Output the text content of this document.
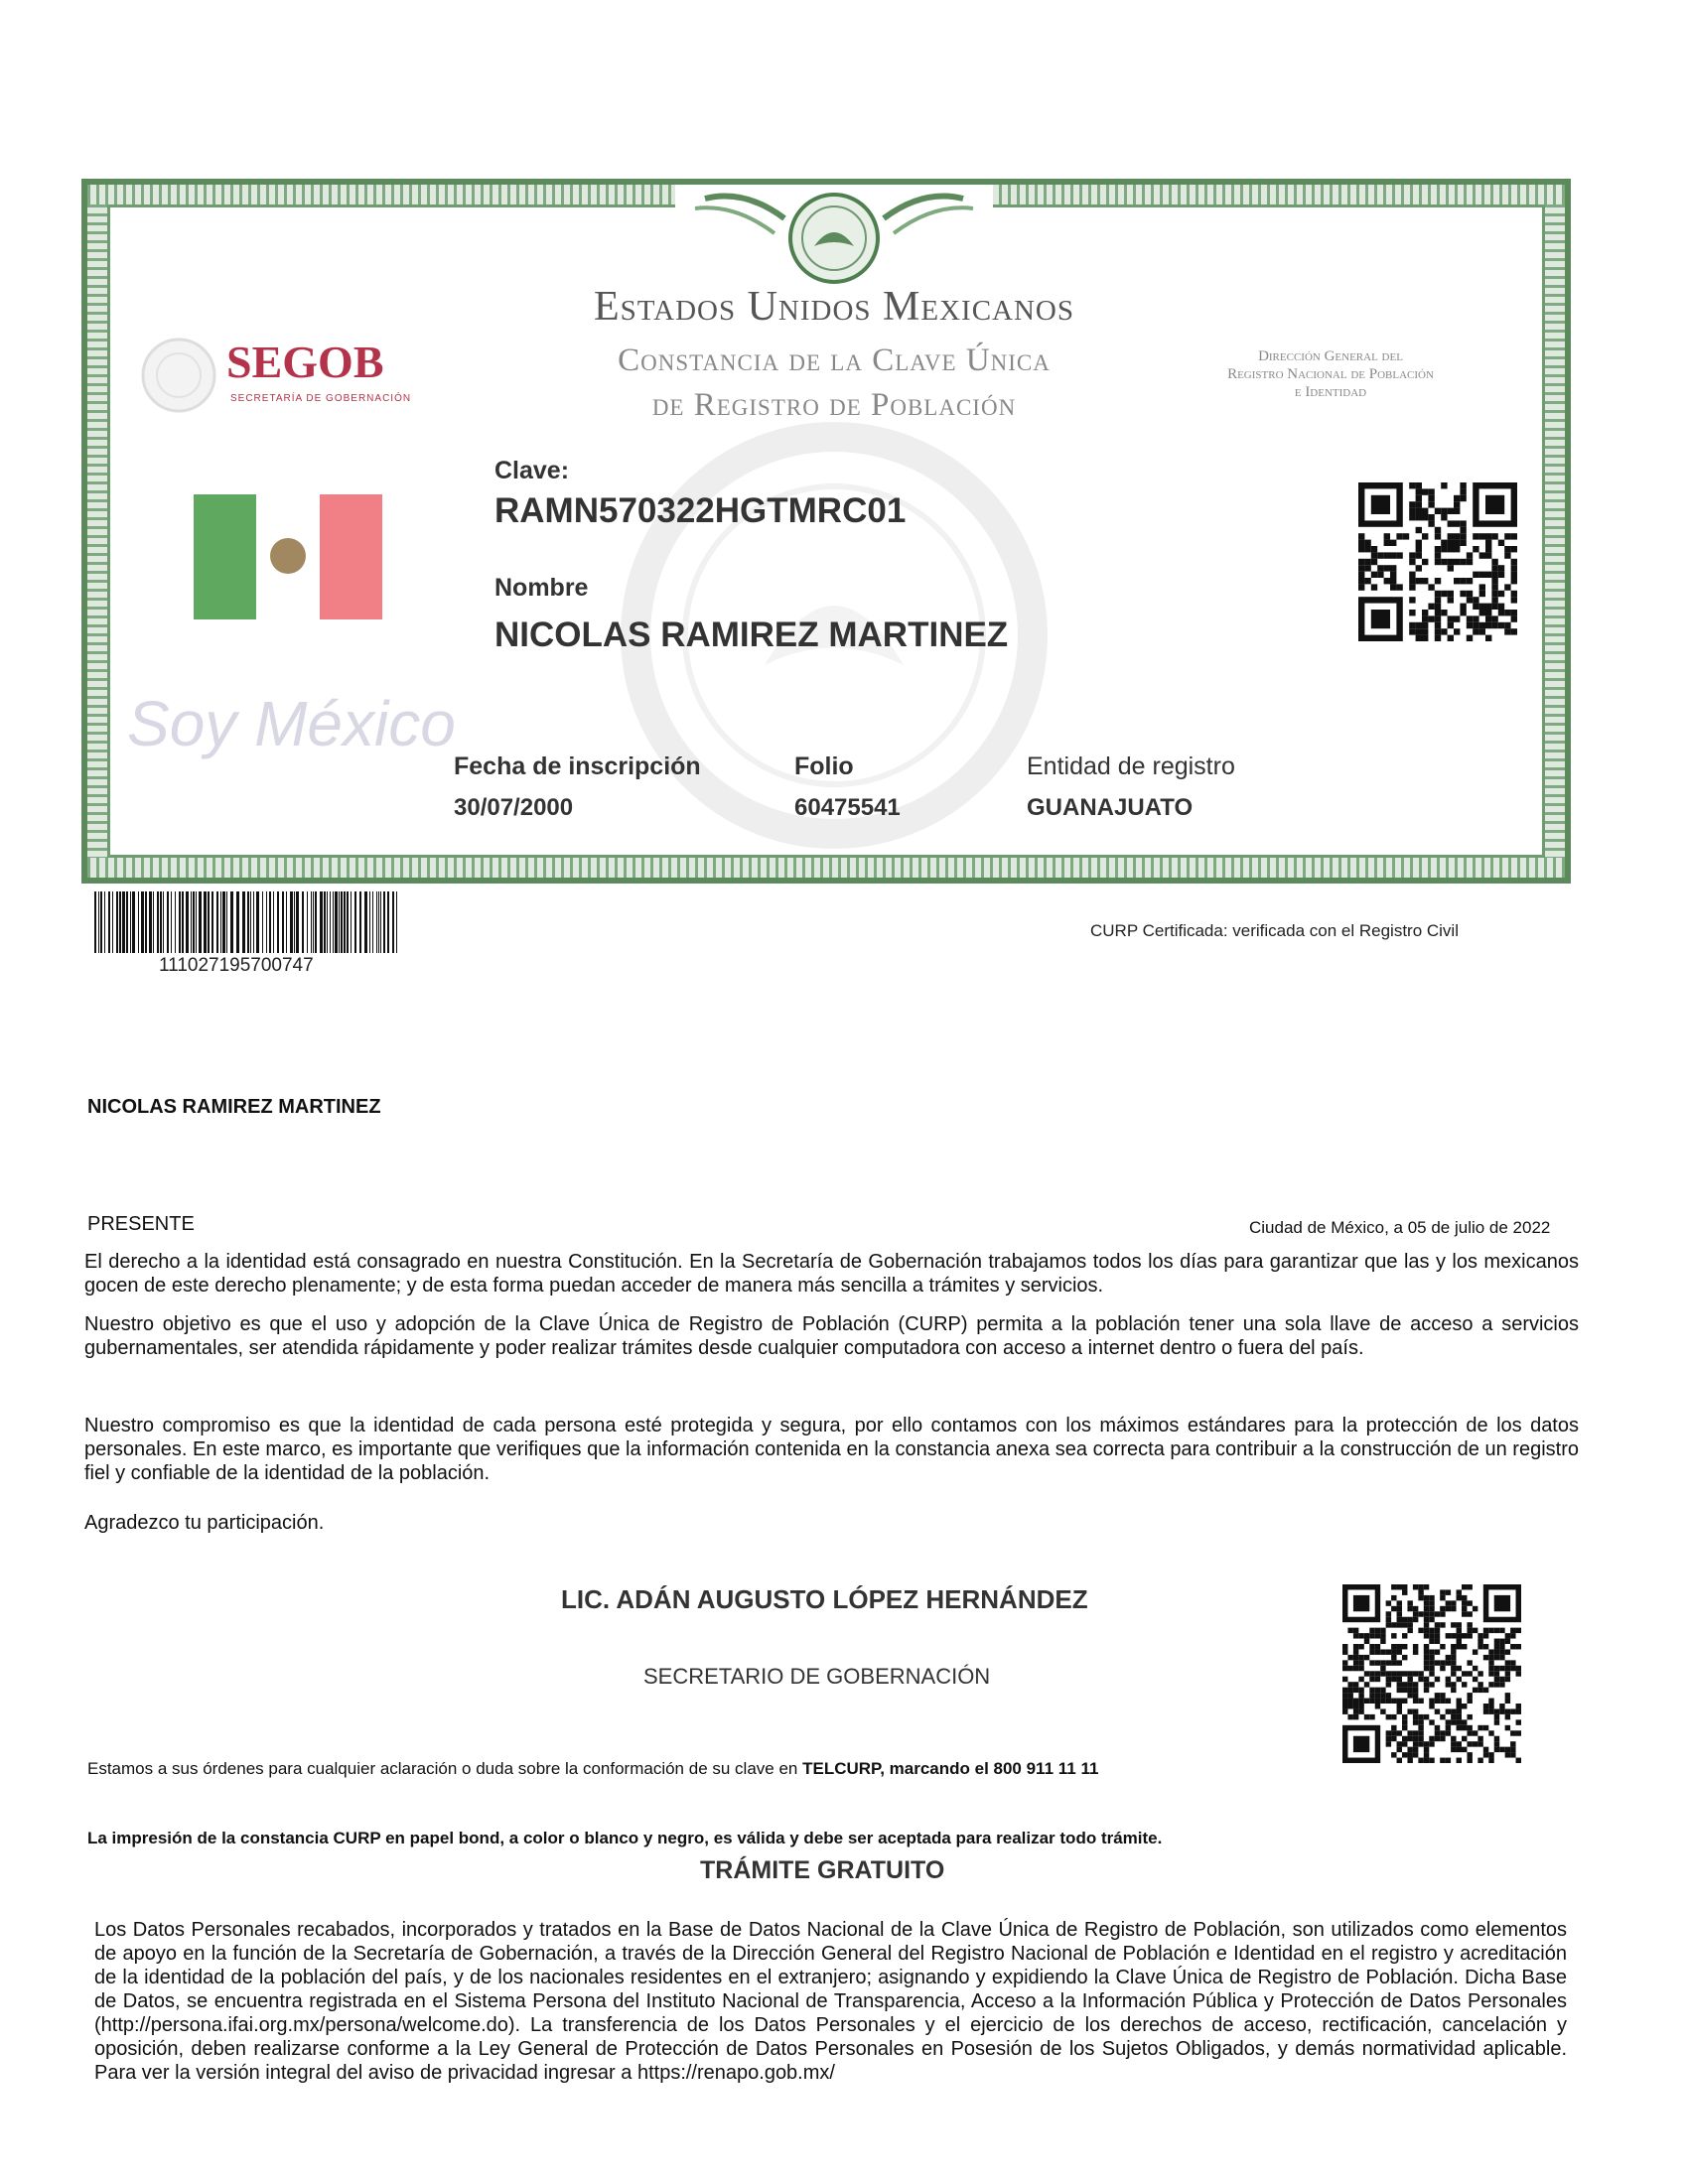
SEGOB
SECRETARÍA DE GOBERNACIÓN
Estados Unidos Mexicanos
Constancia de la Clave Única
de Registro de Población
Dirección General del
Registro Nacional de Población
e Identidad
Clave:
RAMN570322HGTMRC01
Nombre
NICOLAS RAMIREZ MARTINEZ
Soy México
Fecha de inscripción
30/07/2000
Folio
60475541
Entidad de registro
GUANAJUATO
111027195700747
CURP Certificada: verificada con el Registro Civil
NICOLAS RAMIREZ MARTINEZ
PRESENTE	Ciudad de México, a 05 de julio de 2022
El derecho a la identidad está consagrado en nuestra Constitución. En la Secretaría de Gobernación trabajamos todos los días para garantizar que las y los mexicanos gocen de este derecho plenamente; y de esta forma puedan acceder de manera más sencilla a trámites y servicios.
Nuestro objetivo es que el uso y adopción de la Clave Única de Registro de Población (CURP) permita a la población tener una sola llave de acceso a servicios gubernamentales, ser atendida rápidamente y poder realizar trámites desde cualquier computadora con acceso a internet dentro o fuera del país.
Nuestro compromiso es que la identidad de cada persona esté protegida y segura, por ello contamos con los máximos estándares para la protección de los datos personales. En este marco, es importante que verifiques que la información contenida en la constancia anexa sea correcta para contribuir a la construcción de un registro fiel y confiable de la identidad de la población.
Agradezco tu participación.
LIC. ADÁN AUGUSTO LÓPEZ HERNÁNDEZ
SECRETARIO DE GOBERNACIÓN
Estamos a sus órdenes para cualquier aclaración o duda sobre la conformación de su clave en TELCURP, marcando el 800 911 11 11
La impresión de la constancia CURP en papel bond, a color o blanco y negro, es válida y debe ser aceptada para realizar todo trámite.
TRÁMITE GRATUITO
Los Datos Personales recabados, incorporados y tratados en la Base de Datos Nacional de la Clave Única de Registro de Población, son utilizados como elementos de apoyo en la función de la Secretaría de Gobernación, a través de la Dirección General del Registro Nacional de Población e Identidad en el registro y acreditación de la identidad de la población del país, y de los nacionales residentes en el extranjero; asignando y expidiendo la Clave Única de Registro de Población. Dicha Base de Datos, se encuentra registrada en el Sistema Persona del Instituto Nacional de Transparencia, Acceso a la Información Pública y Protección de Datos Personales (http://persona.ifai.org.mx/persona/welcome.do). La transferencia de los Datos Personales y el ejercicio de los derechos de acceso, rectificación, cancelación y oposición, deben realizarse conforme a la Ley General de Protección de Datos Personales en Posesión de los Sujetos Obligados, y demás normatividad aplicable. Para ver la versión integral del aviso de privacidad ingresar a https://renapo.gob.mx/
